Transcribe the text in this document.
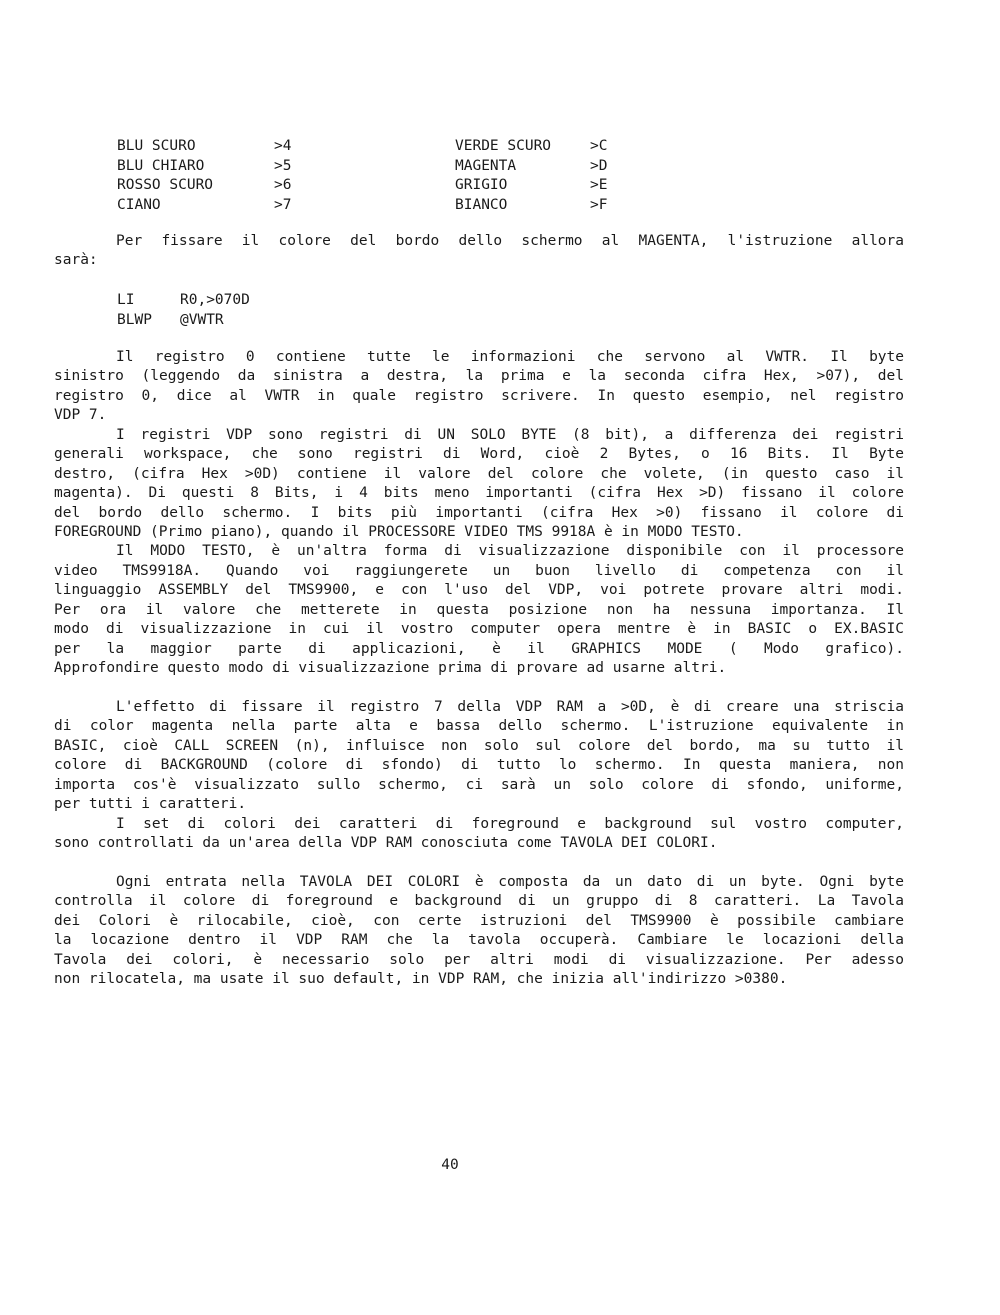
BLU SCURO	>4	VERDE SCURO	>C
BLU CHIARO	>5	MAGENTA	>D
ROSSO SCURO	>6	GRIGIO	>E
CIANO	>7	BIANCO	>F
Per fissare il colore del bordo dello schermo al MAGENTA, l'istruzione allora
sarà:
LI	R0,>070D
BLWP @VWTR
Il registro 0 contiene tutte le informazioni che servono al VWTR. Il byte
sinistro (leggendo da sinistra a destra, la prima e la seconda cifra Hex, >07), del
registro 0, dice al VWTR in quale registro scrivere. In questo esempio, nel registro
VDP 7.
I registri VDP sono registri di UN SOLO BYTE (8 bit), a differenza dei registri
generali workspace, che sono registri di Word, cioè 2 Bytes, o 16 Bits. Il Byte
destro, (cifra Hex >0D) contiene il valore del colore che volete, (in questo caso il
magenta). Di questi 8 Bits, i 4 bits meno importanti (cifra Hex >D) fissano il colore
del bordo dello schermo. I bits più importanti (cifra Hex >0) fissano il colore di
FOREGROUND (Primo piano), quando il PROCESSORE VIDEO TMS 9918A è in MODO TESTO.
Il MODO TESTO, è un'altra forma di visualizzazione disponibile con il processore
video TMS9918A. Quando voi raggiungerete un buon livello di competenza con il
linguaggio ASSEMBLY del TMS9900, e con l'uso del VDP, voi potrete provare altri modi.
Per ora il valore che metterete in questa posizione non ha nessuna importanza. Il
modo di visualizzazione in cui il vostro computer opera mentre è in BASIC o EX.BASIC
per la maggior parte di applicazioni, è il GRAPHICS MODE ( Modo grafico).
Approfondire questo modo di visualizzazione prima di provare ad usarne altri.
L'effetto di fissare il registro 7 della VDP RAM a >0D, è di creare una striscia
di color magenta nella parte alta e bassa dello schermo. L'istruzione equivalente in
BASIC, cioè CALL SCREEN (n), influisce non solo sul colore del bordo, ma su tutto il
colore di BACKGROUND (colore di sfondo) di tutto lo schermo. In questa maniera, non
importa cos'è visualizzato sullo schermo, ci sarà un solo colore di sfondo, uniforme,
per tutti i caratteri.
I set di colori dei caratteri di foreground e background sul vostro computer,
sono controllati da un'area della VDP RAM conosciuta come TAVOLA DEI COLORI.
Ogni entrata nella TAVOLA DEI COLORI è composta da un dato di un byte. Ogni byte
controlla il colore di foreground e background di un gruppo di 8 caratteri. La Tavola
dei Colori è rilocabile, cioè, con certe istruzioni del TMS9900 è possibile cambiare
la locazione dentro il VDP RAM che la tavola occuperà. Cambiare le locazioni della
Tavola dei colori, è necessario solo per altri modi di visualizzazione. Per adesso
non rilocatela, ma usate il suo default, in VDP RAM, che inizia all'indirizzo >0380.
40
